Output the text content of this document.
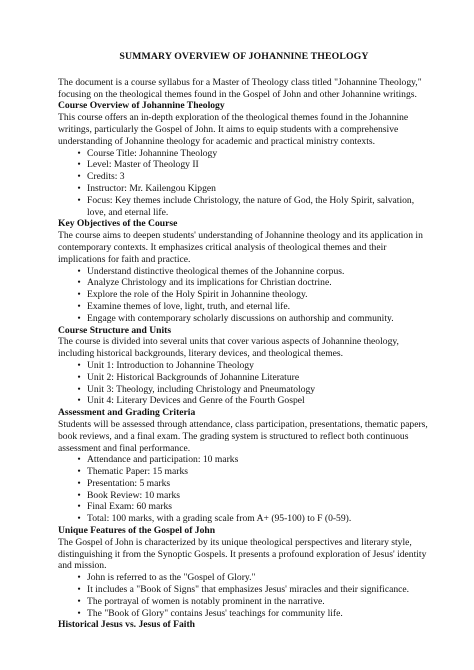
SUMMARY OVERVIEW OF JOHANNINE THEOLOGY

The document is a course syllabus for a Master of Theology class titled "Johannine Theology," focusing on the theological themes found in the Gospel of John and other Johannine writings.

Course Overview of Johannine Theology

This course offers an in-depth exploration of the theological themes found in the Johannine writings, particularly the Gospel of John. It aims to equip students with a comprehensive understanding of Johannine theology for academic and practical ministry contexts.

• Course Title: Johannine Theology
• Level: Master of Theology II
• Credits: 3
• Instructor: Mr. Kailengou Kipgen
• Focus: Key themes include Christology, the nature of God, the Holy Spirit, salvation, love, and eternal life.

Key Objectives of the Course

The course aims to deepen students' understanding of Johannine theology and its application in contemporary contexts. It emphasizes critical analysis of theological themes and their implications for faith and practice.

• Understand distinctive theological themes of the Johannine corpus.
• Analyze Christology and its implications for Christian doctrine.
• Explore the role of the Holy Spirit in Johannine theology.
• Examine themes of love, light, truth, and eternal life.
• Engage with contemporary scholarly discussions on authorship and community.

Course Structure and Units

The course is divided into several units that cover various aspects of Johannine theology, including historical backgrounds, literary devices, and theological themes.

• Unit 1: Introduction to Johannine Theology
• Unit 2: Historical Backgrounds of Johannine Literature
• Unit 3: Theology, including Christology and Pneumatology
• Unit 4: Literary Devices and Genre of the Fourth Gospel

Assessment and Grading Criteria

Students will be assessed through attendance, class participation, presentations, thematic papers, book reviews, and a final exam. The grading system is structured to reflect both continuous assessment and final performance.

• Attendance and participation: 10 marks
• Thematic Paper: 15 marks
• Presentation: 5 marks
• Book Review: 10 marks
• Final Exam: 60 marks
• Total: 100 marks, with a grading scale from A+ (95-100) to F (0-59).

Unique Features of the Gospel of John

The Gospel of John is characterized by its unique theological perspectives and literary style, distinguishing it from the Synoptic Gospels. It presents a profound exploration of Jesus' identity and mission.

• John is referred to as the "Gospel of Glory."
• It includes a "Book of Signs" that emphasizes Jesus' miracles and their significance.
• The portrayal of women is notably prominent in the narrative.
• The "Book of Glory" contains Jesus' teachings for community life.

Historical Jesus vs. Jesus of Faith
